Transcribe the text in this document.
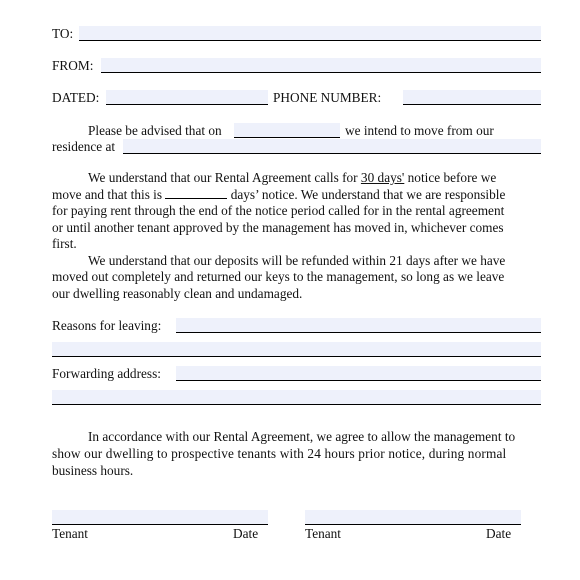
TO:
FROM:
DATED:	PHONE NUMBER:
Please be advised that on	we intend to move from our
residence at
We understand that our Rental Agreement calls for 30 days' notice before we
move and that this is	days’ notice. We understand that we are responsible
for paying rent through the end of the notice period called for in the rental agreement
or until another tenant approved by the management has moved in, whichever comes
first.
We understand that our deposits will be refunded within 21 days after we have
moved out completely and returned our keys to the management, so long as we leave
our dwelling reasonably clean and undamaged.
Reasons for leaving:
Forwarding address:
In accordance with our Rental Agreement, we agree to allow the management to
show our dwelling to prospective tenants with 24 hours prior notice, during normal
business hours.
Tenant	Date	Tenant	Date
